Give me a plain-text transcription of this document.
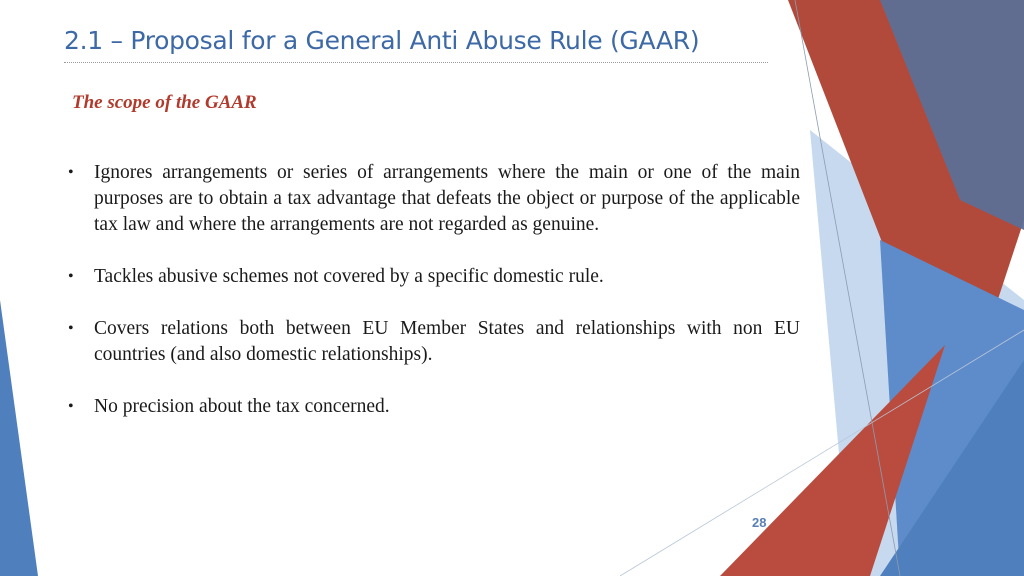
2.1 – Proposal for a General Anti Abuse Rule (GAAR)
The scope of the GAAR
• Ignores arrangements or series of arrangements where the main or one of the main purposes are to obtain a tax advantage that defeats the object or purpose of the applicable tax law and where the arrangements are not regarded as genuine.
• Tackles abusive schemes not covered by a specific domestic rule.
• Covers relations both between EU Member States and relationships with non EU countries (and also domestic relationships).
• No precision about the tax concerned.
28
